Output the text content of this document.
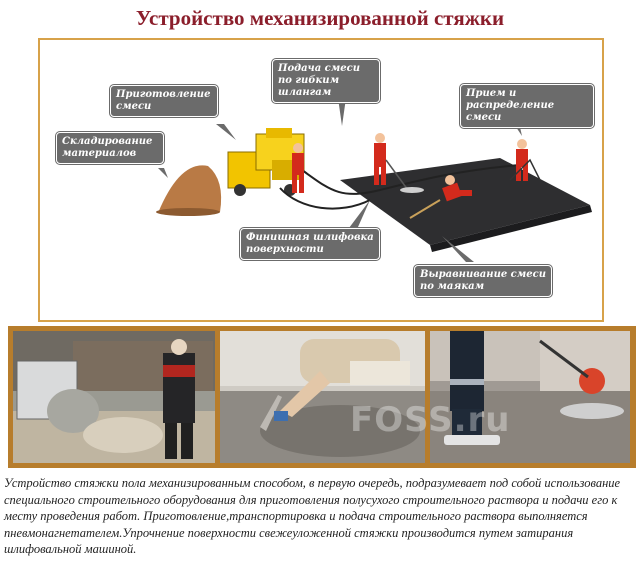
Устройство механизированной стяжки
Складирование материалов
Приготовление смеси
Подача смеси по гибким шлангам	Прием и распределение смеси
Финишная шлифовка поверхности
Выравнивание смеси по маякам
FOSS.ru

Устройство стяжки пола механизированным способом, в первую очередь, подразумевает под собой использование специального строительного оборудования для приготовления полусухого строительного раствора и подачи его к месту проведения работ. Приготовление,транспортировка и подача строительного раствора выполняется пневмонагнетателем.Упрочнение поверхности свежеуложенной стяжки производится путем затирания шлифовальной машиной.
